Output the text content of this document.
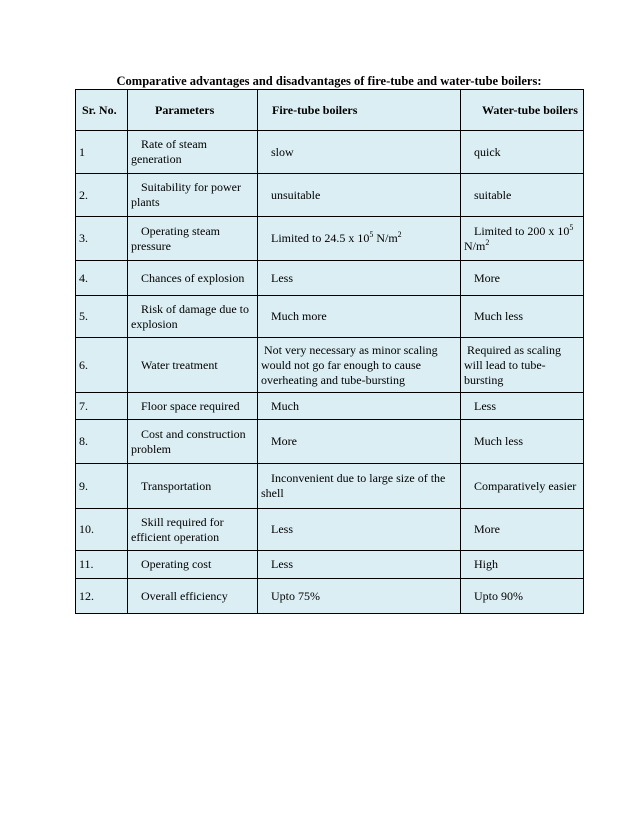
Comparative advantages and disadvantages of fire-tube and water-tube boilers:
Sr. No.	Parameters	Fire-tube boilers	Water-tube boilers
1	Rate of steam generation	slow	quick
2.	Suitability for power plants	unsuitable	suitable
3.	Operating steam pressure	Limited to 24.5 x $10^5$ $N/m^2$	Limited to 200 x $10^5$ $N/m^2$
4.	Chances of explosion	Less	More
5.	Risk of damage due to explosion	Much more	Much less
6.	Water treatment	Not very necessary as minor scaling would not go far enough to cause overheating and tube-bursting	Required as scaling will lead to tube-bursting
7.	Floor space required	Much	Less
8.	Cost and construction problem	More	Much less
9.	Transportation	Inconvenient due to large size of the shell	Comparatively easier
10.	Skill required for efficient operation	Less	More
11.	Operating cost	Less	High
12.	Overall efficiency	Upto 75%	Upto 90%
